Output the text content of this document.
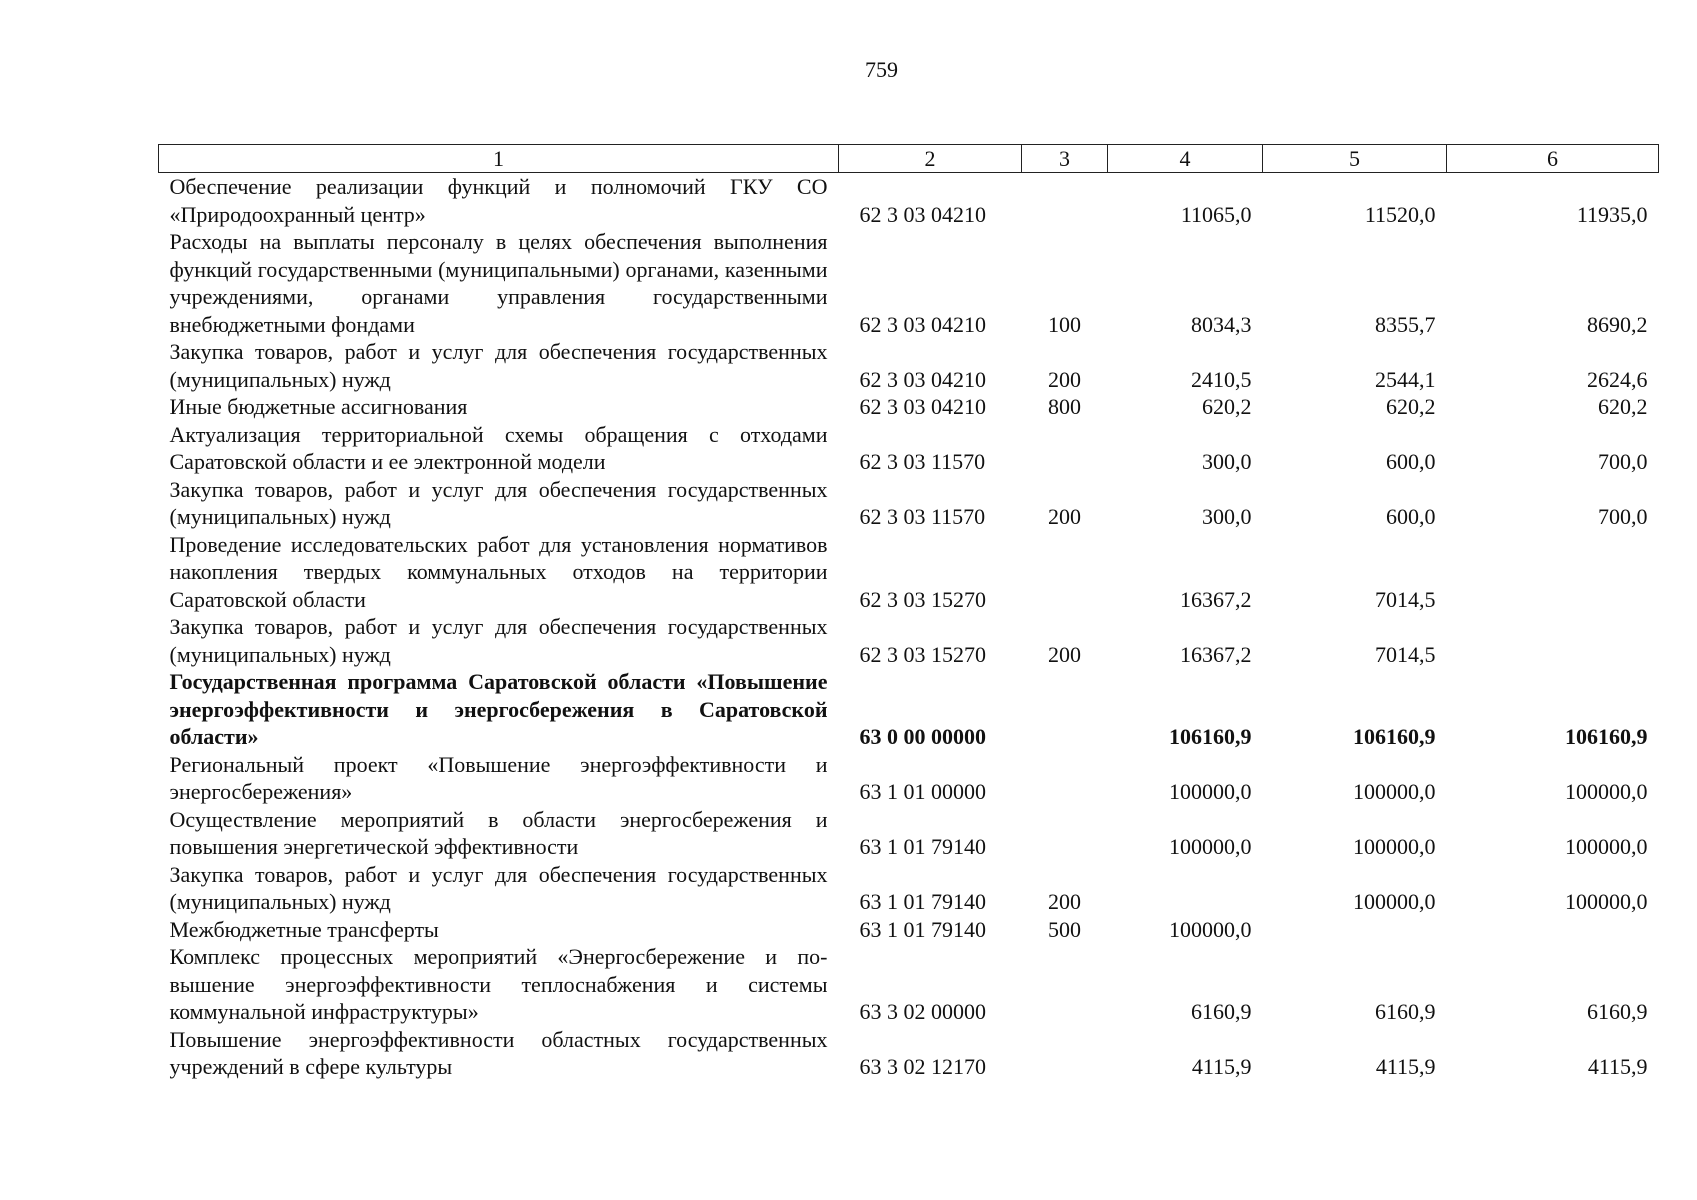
759
1	2	3	4	5	6
Обеспечение реализации функций и полномочий ГКУ СО «Природоохранный центр»	62 3 03 04210		11065,0	11520,0	11935,0
Расходы на выплаты персоналу в целях обеспечения выполнения функций государственными (муниципальными) органами, казенными учреждениями, органами управления государственными внебюджетными фондами	62 3 03 04210	100	8034,3	8355,7	8690,2
Закупка товаров, работ и услуг для обеспечения государственных (муниципальных) нужд	62 3 03 04210	200	2410,5	2544,1	2624,6
Иные бюджетные ассигнования	62 3 03 04210	800	620,2	620,2	620,2
Актуализация территориальной схемы обращения с отходами Саратовской области и ее электронной модели	62 3 03 11570		300,0	600,0	700,0
Закупка товаров, работ и услуг для обеспечения государственных (муниципальных) нужд	62 3 03 11570	200	300,0	600,0	700,0
Проведение исследовательских работ для установления нормативов накопления твердых коммунальных отходов на территории Саратовской области	62 3 03 15270		16367,2	7014,5	
Закупка товаров, работ и услуг для обеспечения государственных (муниципальных) нужд	62 3 03 15270	200	16367,2	7014,5	
Государственная программа Саратовской области «Повышение энергоэффективности и энергосбережения в Саратовской области»	63 0 00 00000		106160,9	106160,9	106160,9
Региональный проект «Повышение энергоэффективности и энергосбережения»	63 1 01 00000		100000,0	100000,0	100000,0
Осуществление мероприятий в области энергосбережения и повышения энергетической эффективности	63 1 01 79140		100000,0	100000,0	100000,0
Закупка товаров, работ и услуг для обеспечения государственных (муниципальных) нужд	63 1 01 79140	200		100000,0	100000,0
Межбюджетные трансферты	63 1 01 79140	500	100000,0		
Комплекс процессных мероприятий «Энергосбережение и повышение энергоэффективности теплоснабжения и системы коммунальной инфраструктуры»	63 3 02 00000		6160,9	6160,9	6160,9
Повышение энергоэффективности областных государственных учреждений в сфере культуры	63 3 02 12170		4115,9	4115,9	4115,9
